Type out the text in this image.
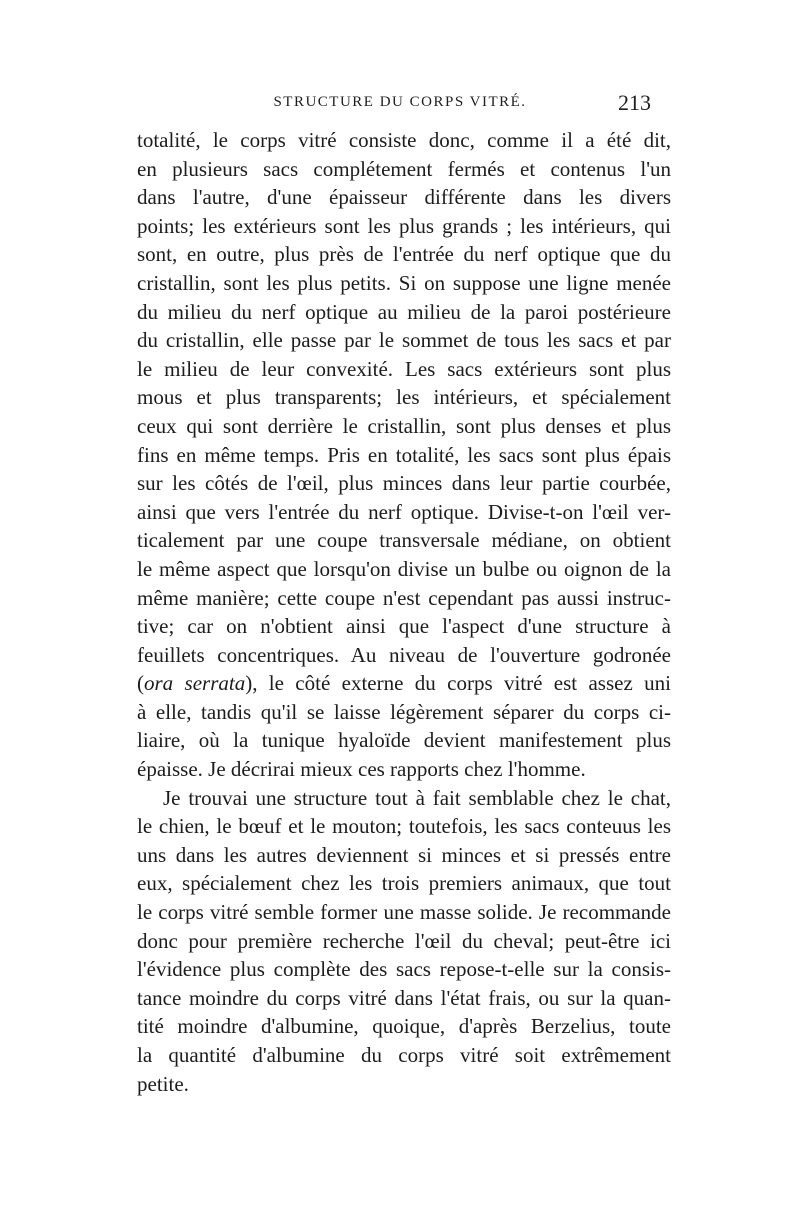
STRUCTURE DU CORPS VITRÉ.	213

totalité, le corps vitré consiste donc, comme il a été dit,
en plusieurs sacs complétement fermés et contenus l'un
dans l'autre, d'une épaisseur différente dans les divers
points; les extérieurs sont les plus grands ; les intérieurs, qui
sont, en outre, plus près de l'entrée du nerf optique que du
cristallin, sont les plus petits. Si on suppose une ligne menée
du milieu du nerf optique au milieu de la paroi postérieure
du cristallin, elle passe par le sommet de tous les sacs et par
le milieu de leur convexité. Les sacs extérieurs sont plus
mous et plus transparents; les intérieurs, et spécialement
ceux qui sont derrière le cristallin, sont plus denses et plus
fins en même temps. Pris en totalité, les sacs sont plus épais
sur les côtés de l'œil, plus minces dans leur partie courbée,
ainsi que vers l'entrée du nerf optique. Divise-t-on l'œil ver-
ticalement par une coupe transversale médiane, on obtient
le même aspect que lorsqu'on divise un bulbe ou oignon de la
même manière; cette coupe n'est cependant pas aussi instruc-
tive; car on n'obtient ainsi que l'aspect d'une structure à
feuillets concentriques. Au niveau de l'ouverture godronée
(ora serrata), le côté externe du corps vitré est assez uni
à elle, tandis qu'il se laisse légèrement séparer du corps ci-
liaire, où la tunique hyaloïde devient manifestement plus
épaisse. Je décrirai mieux ces rapports chez l'homme.

Je trouvai une structure tout à fait semblable chez le chat,
le chien, le bœuf et le mouton; toutefois, les sacs conteuus les
uns dans les autres deviennent si minces et si pressés entre
eux, spécialement chez les trois premiers animaux, que tout
le corps vitré semble former une masse solide. Je recommande
donc pour première recherche l'œil du cheval; peut-être ici
l'évidence plus complète des sacs repose-t-elle sur la consis-
tance moindre du corps vitré dans l'état frais, ou sur la quan-
tité moindre d'albumine, quoique, d'après Berzelius, toute
la quantité d'albumine du corps vitré soit extrêmement
petite.
